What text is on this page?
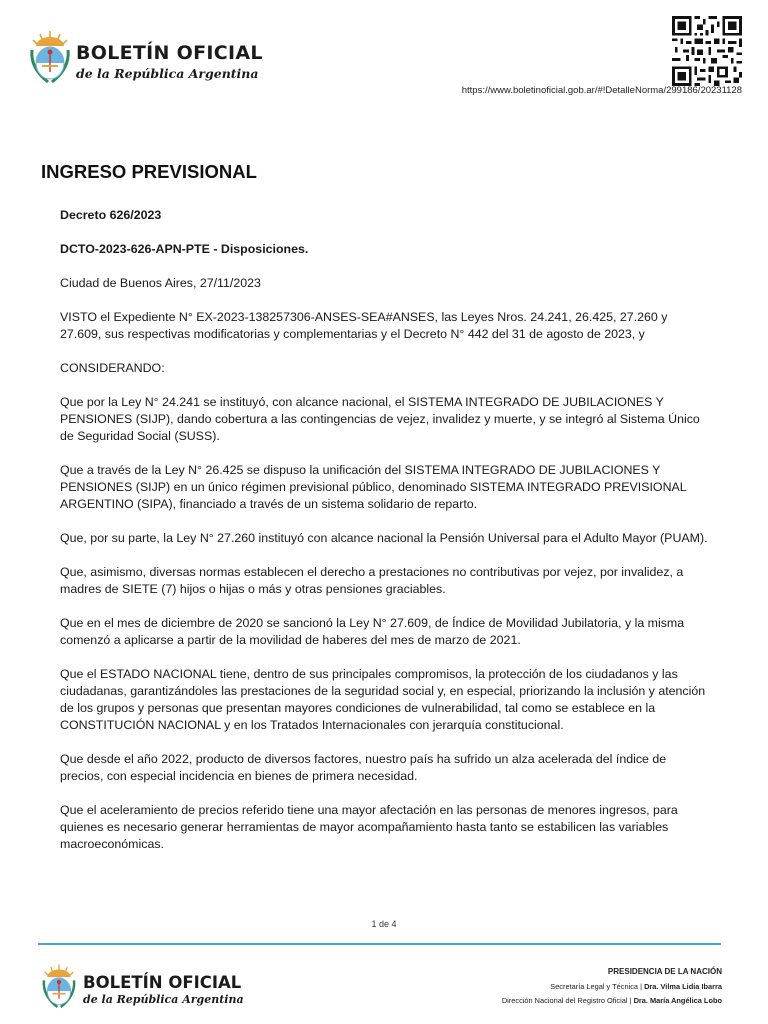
BOLETÍN OFICIAL
de la República Argentina
https://www.boletinoficial.gob.ar/#!DetalleNorma/299186/20231128
INGRESO PREVISIONAL

Decreto 626/2023

DCTO-2023-626-APN-PTE - Disposiciones.

Ciudad de Buenos Aires, 27/11/2023

VISTO el Expediente N° EX-2023-138257306-ANSES-SEA#ANSES, las Leyes Nros. 24.241, 26.425, 27.260 y 27.609, sus respectivas modificatorias y complementarias y el Decreto N° 442 del 31 de agosto de 2023, y

CONSIDERANDO:

Que por la Ley N° 24.241 se instituyó, con alcance nacional, el SISTEMA INTEGRADO DE JUBILACIONES Y PENSIONES (SIJP), dando cobertura a las contingencias de vejez, invalidez y muerte, y se integró al Sistema Único de Seguridad Social (SUSS).

Que a través de la Ley N° 26.425 se dispuso la unificación del SISTEMA INTEGRADO DE JUBILACIONES Y PENSIONES (SIJP) en un único régimen previsional público, denominado SISTEMA INTEGRADO PREVISIONAL ARGENTINO (SIPA), financiado a través de un sistema solidario de reparto.

Que, por su parte, la Ley N° 27.260 instituyó con alcance nacional la Pensión Universal para el Adulto Mayor (PUAM).

Que, asimismo, diversas normas establecen el derecho a prestaciones no contributivas por vejez, por invalidez, a madres de SIETE (7) hijos o hijas o más y otras pensiones graciables.

Que en el mes de diciembre de 2020 se sancionó la Ley N° 27.609, de Índice de Movilidad Jubilatoria, y la misma comenzó a aplicarse a partir de la movilidad de haberes del mes de marzo de 2021.

Que el ESTADO NACIONAL tiene, dentro de sus principales compromisos, la protección de los ciudadanos y las ciudadanas, garantizándoles las prestaciones de la seguridad social y, en especial, priorizando la inclusión y atención de los grupos y personas que presentan mayores condiciones de vulnerabilidad, tal como se establece en la CONSTITUCIÓN NACIONAL y en los Tratados Internacionales con jerarquía constitucional.

Que desde el año 2022, producto de diversos factores, nuestro país ha sufrido un alza acelerada del índice de precios, con especial incidencia en bienes de primera necesidad.

Que el aceleramiento de precios referido tiene una mayor afectación en las personas de menores ingresos, para quienes es necesario generar herramientas de mayor acompañamiento hasta tanto se estabilicen las variables macroeconómicas.

1 de 4
BOLETÍN OFICIAL
de la República Argentina
PRESIDENCIA DE LA NACIÓN
Secretaría Legal y Técnica | Dra. Vilma Lidia Ibarra
Dirección Nacional del Registro Oficial | Dra. María Angélica Lobo
